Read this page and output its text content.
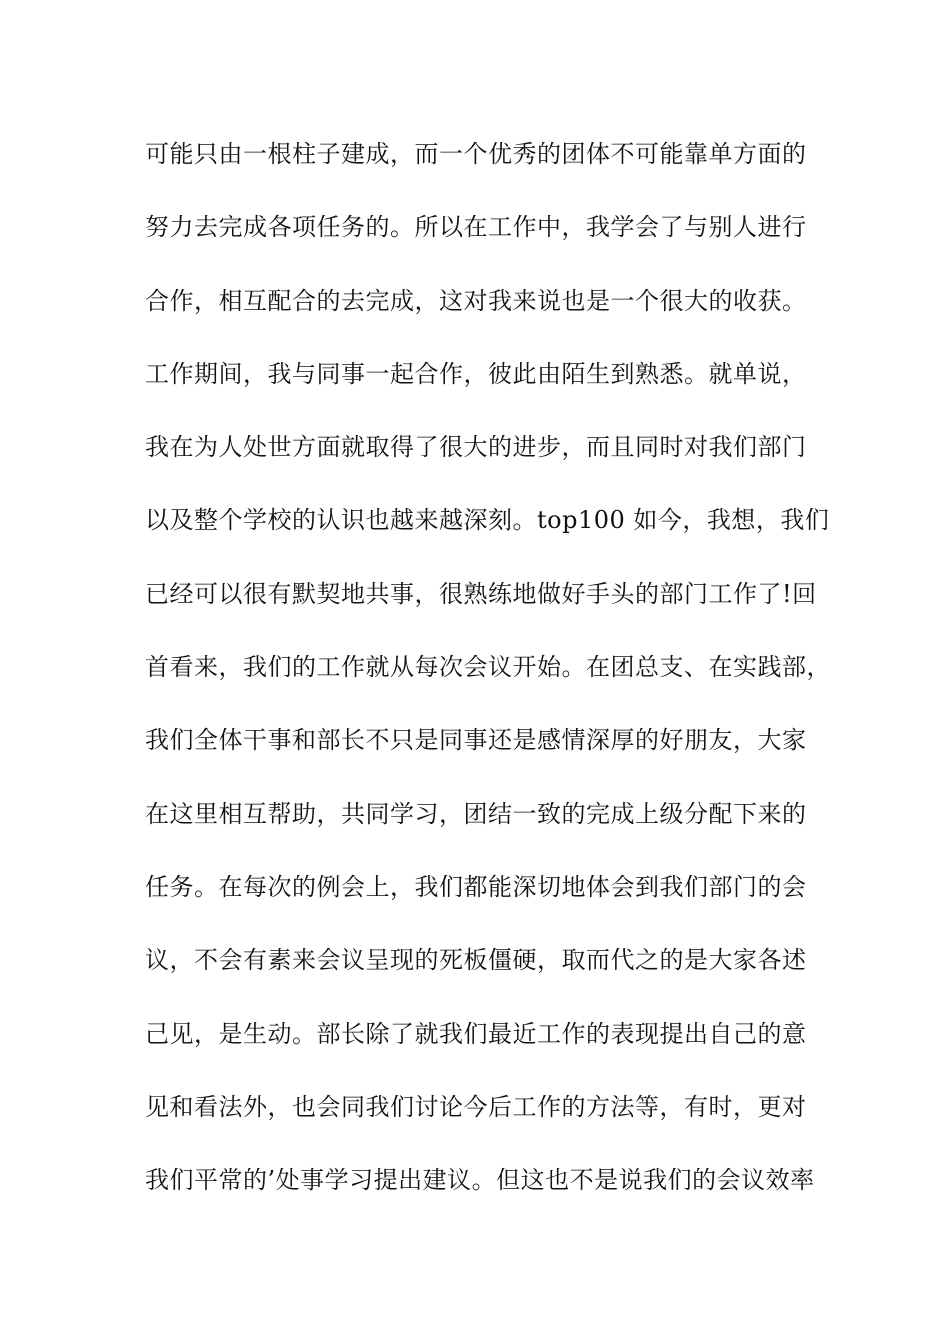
可能只由一根柱子建成，而一个优秀的团体不可能靠单方面的
努力去完成各项任务的。所以在工作中，我学会了与别人进行
合作，相互配合的去完成，这对我来说也是一个很大的收获。
工作期间，我与同事一起合作，彼此由陌生到熟悉。就单说，
我在为人处世方面就取得了很大的进步，而且同时对我们部门
以及整个学校的认识也越来越深刻。top100 如今，我想，我们
已经可以很有默契地共事，很熟练地做好手头的部门工作了!回
首看来，我们的工作就从每次会议开始。在团总支、在实践部，
我们全体干事和部长不只是同事还是感情深厚的好朋友，大家
在这里相互帮助，共同学习，团结一致的完成上级分配下来的
任务。在每次的例会上，我们都能深切地体会到我们部门的会
议，不会有素来会议呈现的死板僵硬，取而代之的是大家各述
己见，是生动。部长除了就我们最近工作的表现提出自己的意
见和看法外，也会同我们讨论今后工作的方法等，有时，更对
我们平常的’处事学习提出建议。但这也不是说我们的会议效率
